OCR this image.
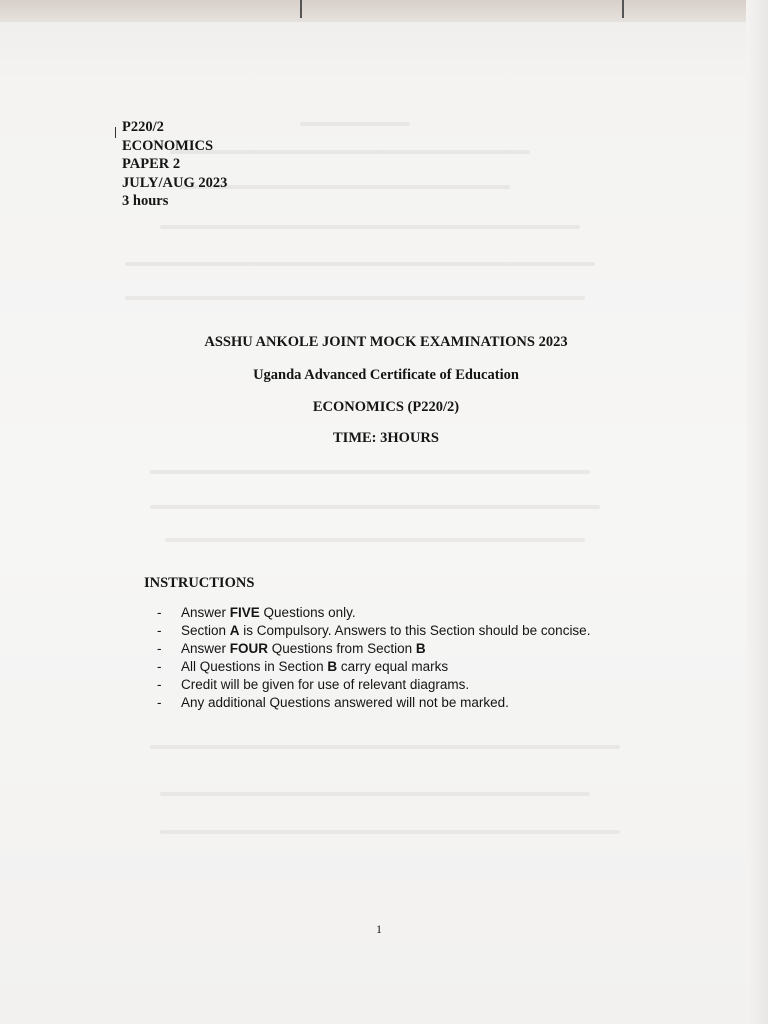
P220/2
ECONOMICS
PAPER 2
JULY/AUG 2023
3 hours
ASSHU ANKOLE JOINT MOCK EXAMINATIONS 2023
Uganda Advanced Certificate of Education
ECONOMICS (P220/2)
TIME: 3HOURS
INSTRUCTIONS
-	Answer FIVE Questions only.
-	Section A is Compulsory. Answers to this Section should be concise.
-	Answer FOUR Questions from Section B
-	All Questions in Section B carry equal marks
-	Credit will be given for use of relevant diagrams.
-	Any additional Questions answered will not be marked.
1
